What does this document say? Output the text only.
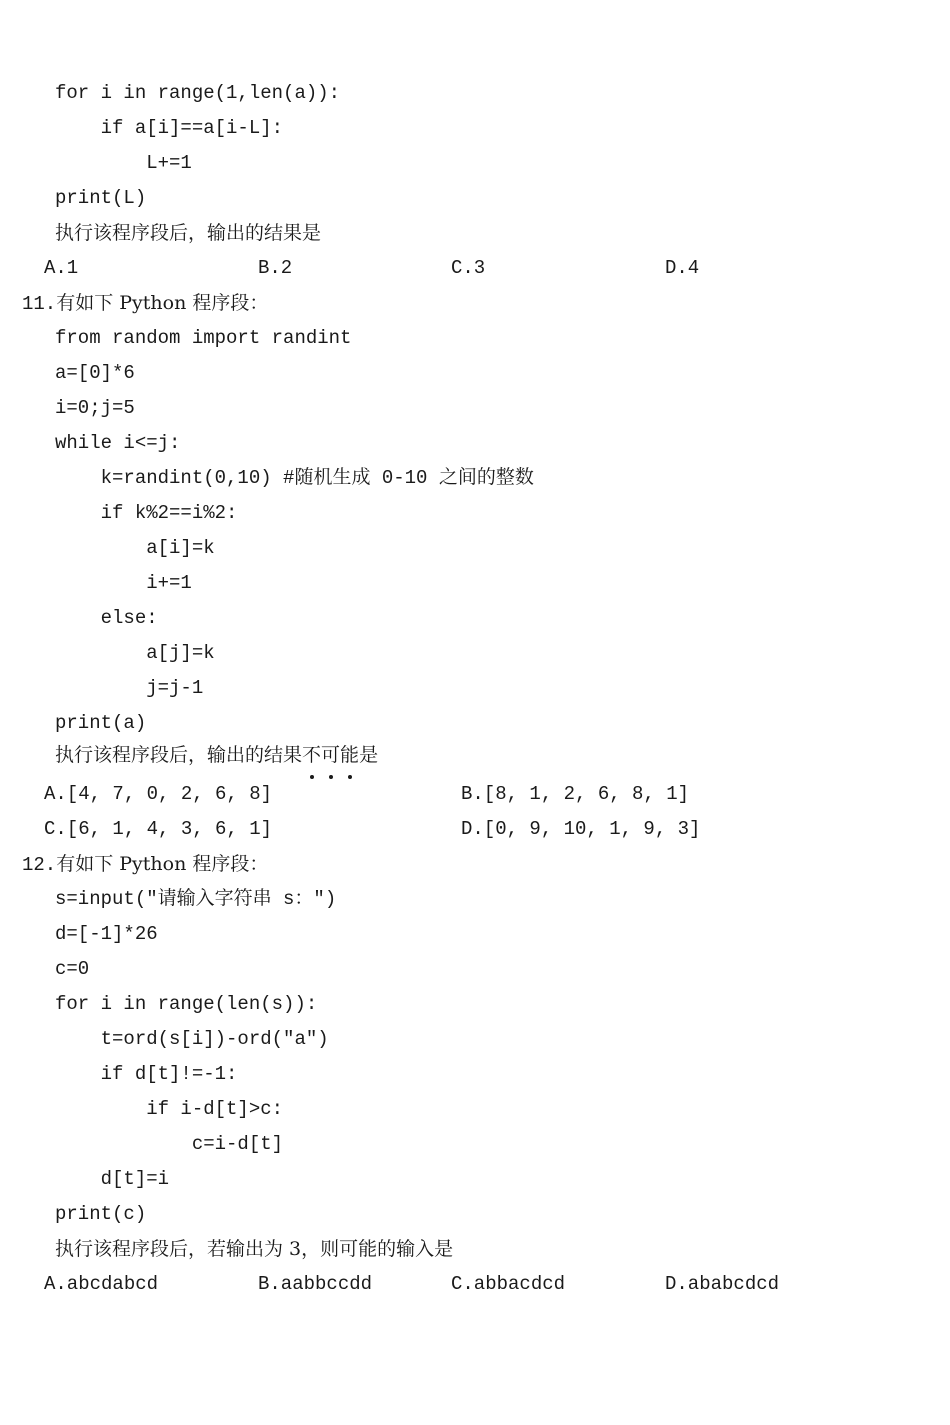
for i in range(1,len(a)):
if a[i]==a[i-L]:
L+=1
print(L)
执行该程序段后，输出的结果是
A.1	B.2	C.3	D.4
11.有如下 Python 程序段：
from random import randint
a=[0]*6
i=0;j=5
while i<=j:
k=randint(0,10) #随机生成 0-10 之间的整数
if k%2==i%2:
a[i]=k
i+=1
else:
a[j]=k
j=j-1
print(a)
执行该程序段后，输出的结果不
可
能
是
A.[4, 7, 0, 2, 6, 8]	B.[8, 1, 2, 6, 8, 1]
C.[6, 1, 4, 3, 6, 1]	D.[0, 9, 10, 1, 9, 3]
12.有如下 Python 程序段：
s=input("请输入字符串 s：")
d=[-1]*26
c=0
for i in range(len(s)):
t=ord(s[i])-ord("a")
if d[t]!=-1:
if i-d[t]>c:
c=i-d[t]
d[t]=i
print(c)
执行该程序段后，若输出为 3，则可能的输入是
A.abcdabcd	B.aabbccdd	C.abbacdcd	D.ababcdcd
